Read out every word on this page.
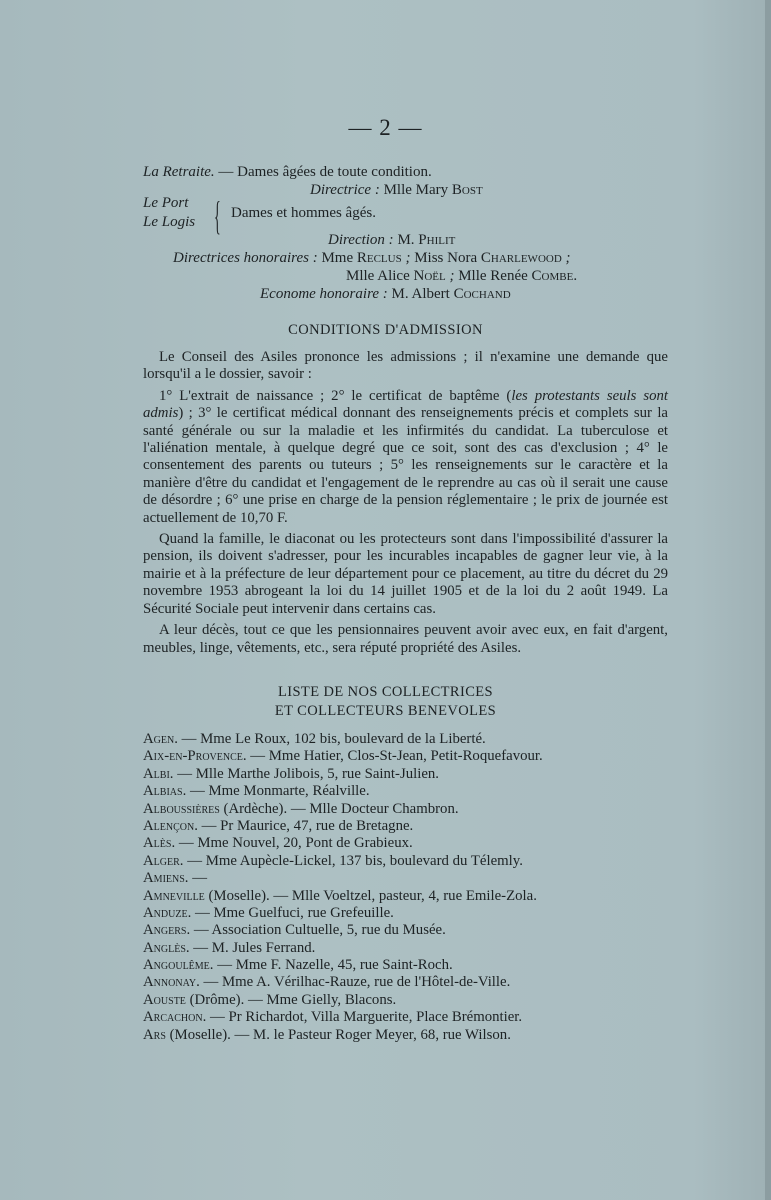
— 2 —
La Retraite. — Dames âgées de toute condition.
Directrice : Mlle Mary Bost
Le Port
Le Logis { Dames et hommes âgés.
Direction : M. Philit
Directrices honoraires : Mme Reclus ; Miss Nora Charlewood ;
Mlle Alice Noël ; Mlle Renée Combe.
Econome honoraire : M. Albert Cochand
CONDITIONS D'ADMISSION

Le Conseil des Asiles prononce les admissions ; il n'examine une demande que lorsqu'il a le dossier, savoir :

1° L'extrait de naissance ; 2° le certificat de baptême (les protestants seuls sont admis) ; 3° le certificat médical donnant des renseignements précis et complets sur la santé générale ou sur la maladie et les infirmités du candidat. La tuberculose et l'aliénation mentale, à quelque degré que ce soit, sont des cas d'exclusion ; 4° le consentement des parents ou tuteurs ; 5° les renseignements sur le caractère et la manière d'être du candidat et l'engagement de le reprendre au cas où il serait une cause de désordre ; 6° une prise en charge de la pension réglementaire ; le prix de journée est actuellement de 10,70 F.

Quand la famille, le diaconat ou les protecteurs sont dans l'impossibilité d'assurer la pension, ils doivent s'adresser, pour les incurables incapables de gagner leur vie, à la mairie et à la préfecture de leur département pour ce placement, au titre du décret du 29 novembre 1953 abrogeant la loi du 14 juillet 1905 et de la loi du 2 août 1949. La Sécurité Sociale peut intervenir dans certains cas.

A leur décès, tout ce que les pensionnaires peuvent avoir avec eux, en fait d'argent, meubles, linge, vêtements, etc., sera réputé propriété des Asiles.

LISTE DE NOS COLLECTRICES
ET COLLECTEURS BENEVOLES
Agen. — Mme Le Roux, 102 bis, boulevard de la Liberté.
Aix-en-Provence. — Mme Hatier, Clos-St-Jean, Petit-Roquefavour.
Albi. — Mlle Marthe Jolibois, 5, rue Saint-Julien.
Albias. — Mme Monmarte, Réalville.
Alboussières (Ardèche). — Mlle Docteur Chambron.
Alençon. — Pr Maurice, 47, rue de Bretagne.
Alès. — Mme Nouvel, 20, Pont de Grabieux.
Alger. — Mme Aupècle-Lickel, 137 bis, boulevard du Télemly.
Amiens. —
Amneville (Moselle). — Mlle Voeltzel, pasteur, 4, rue Emile-Zola.
Anduze. — Mme Guelfuci, rue Grefeuille.
Angers. — Association Cultuelle, 5, rue du Musée.
Anglès. — M. Jules Ferrand.
Angoulême. — Mme F. Nazelle, 45, rue Saint-Roch.
Annonay. — Mme A. Vérilhac-Rauze, rue de l'Hôtel-de-Ville.
Aouste (Drôme). — Mme Gielly, Blacons.
Arcachon. — Pr Richardot, Villa Marguerite, Place Brémontier.
Ars (Moselle). — M. le Pasteur Roger Meyer, 68, rue Wilson.
